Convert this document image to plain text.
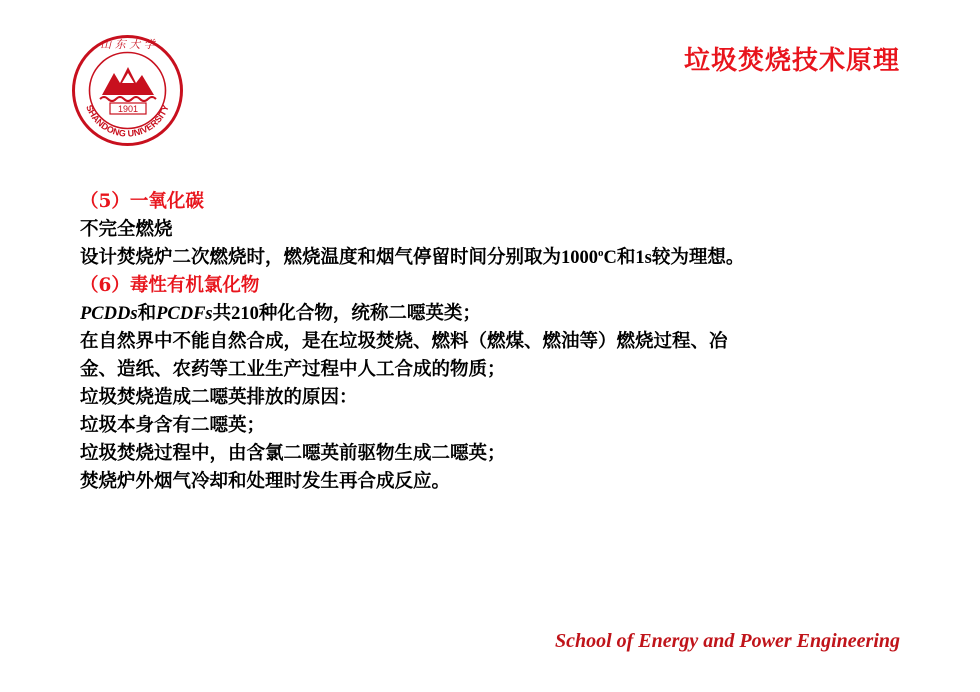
山 东 大 学
1901
SHANDONG UNIVERSITY
垃圾焚烧技术原理
（5）一氧化碳
不完全燃烧
设计焚烧炉二次燃烧时，燃烧温度和烟气停留时间分别取为1000$^o$C和1s较为理想。
（6）毒性有机氯化物
PCDDs和PCDFs共210种化合物，统称二噁英类；
在自然界中不能自然合成，是在垃圾焚烧、燃料（燃煤、燃油等）燃烧过程、冶
金、造纸、农药等工业生产过程中人工合成的物质；
垃圾焚烧造成二噁英排放的原因：
垃圾本身含有二噁英；
垃圾焚烧过程中，由含氯二噁英前驱物生成二噁英；
焚烧炉外烟气冷却和处理时发生再合成反应。
School of Energy and Power Engineering
